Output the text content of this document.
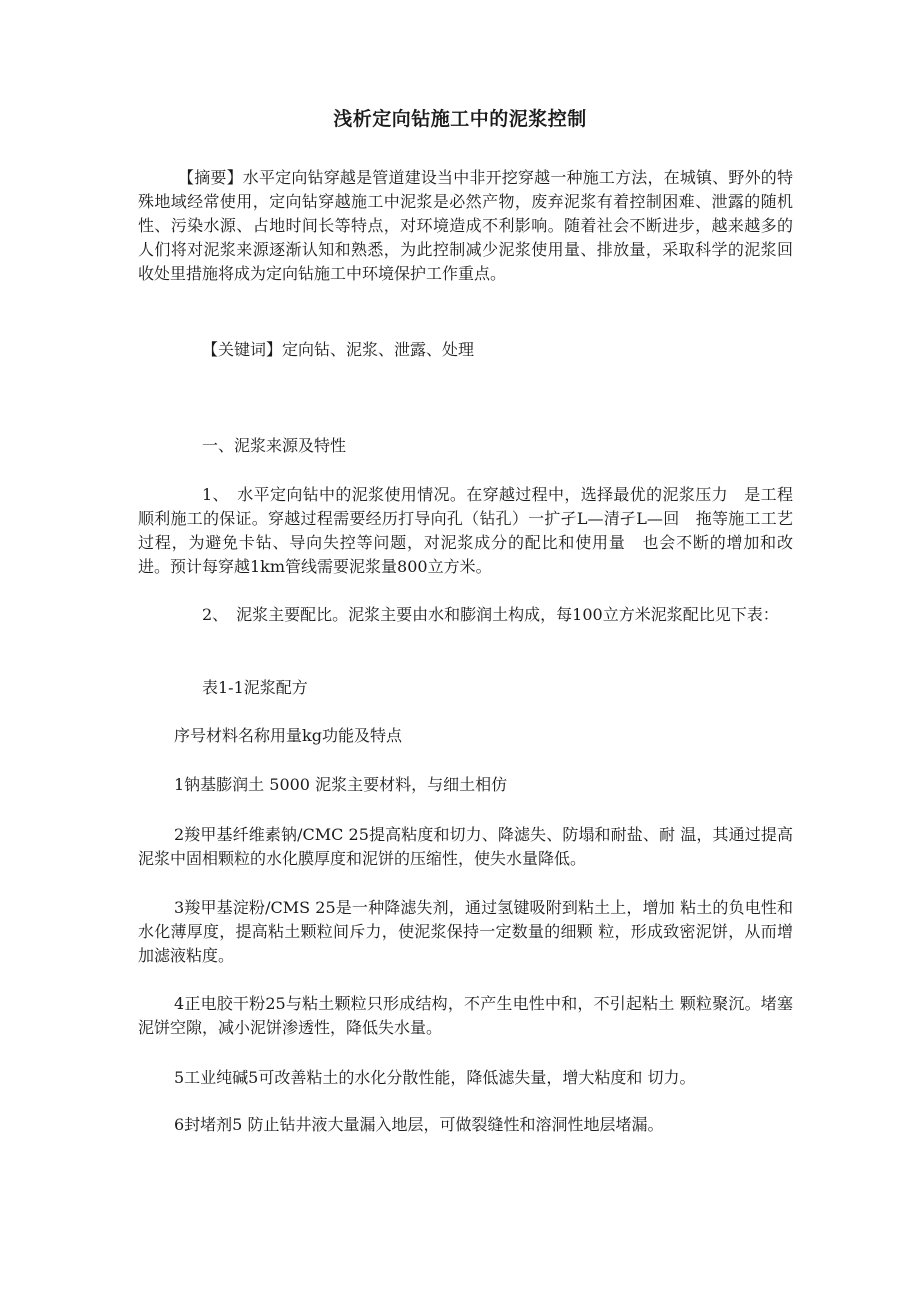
浅析定向钻施工中的泥浆控制
【摘要】水平定向钻穿越是管道建设当中非开挖穿越一种施工方法，在城镇、野外的特殊地域经常使用，定向钻穿越施工中泥浆是必然产物，废弃泥浆有着控制困难、泄露的随机性、污染水源、占地时间长等特点，对环境造成不利影响。随着社会不断进步，越来越多的人们将对泥浆来源逐渐认知和熟悉，为此控制减少泥浆使用量、排放量，采取科学的泥浆回收处里措施将成为定向钻施工中环境保护工作重点。
【关键词】定向钻、泥浆、泄露、处理
一、泥浆来源及特性
1、　水平定向钻中的泥浆使用情况。在穿越过程中，选择最优的泥浆压力　是工程顺利施工的保证。穿越过程需要经历打导向孔（钻孔）一扩孑L—清孑L—回　拖等施工工艺过程，为避免卡钻、导向失控等问题，对泥浆成分的配比和使用量　也会不断的增加和改进。预计每穿越1km管线需要泥浆量800立方米。
2、　泥浆主要配比。泥浆主要由水和膨润土构成，每100立方米泥浆配比见下表：
表1-1泥浆配方
序号材料名称用量kg功能及特点
1钠基膨润土 5000 泥浆主要材料，与细土相仿
2羧甲基纤维素钠/CMC 25提高粘度和切力、降滤失、防塌和耐盐、耐 温，其通过提高泥浆中固相颗粒的水化膜厚度和泥饼的压缩性，使失水量降低。
3羧甲基淀粉/CMS 25是一种降滤失剂，通过氢键吸附到粘土上，增加 粘土的负电性和水化薄厚度，提高粘土颗粒间斥力，使泥浆保持一定数量的细颗 粒，形成致密泥饼，从而增加滤液粘度。
4正电胶干粉25与粘土颗粒只形成结构，不产生电性中和，不引起粘土 颗粒聚沉。堵塞泥饼空隙，减小泥饼渗透性，降低失水量。
5工业纯碱5可改善粘土的水化分散性能，降低滤失量，增大粘度和 切力。
6封堵剂5 防止钻井液大量漏入地层，可做裂缝性和溶洞性地层堵漏。
